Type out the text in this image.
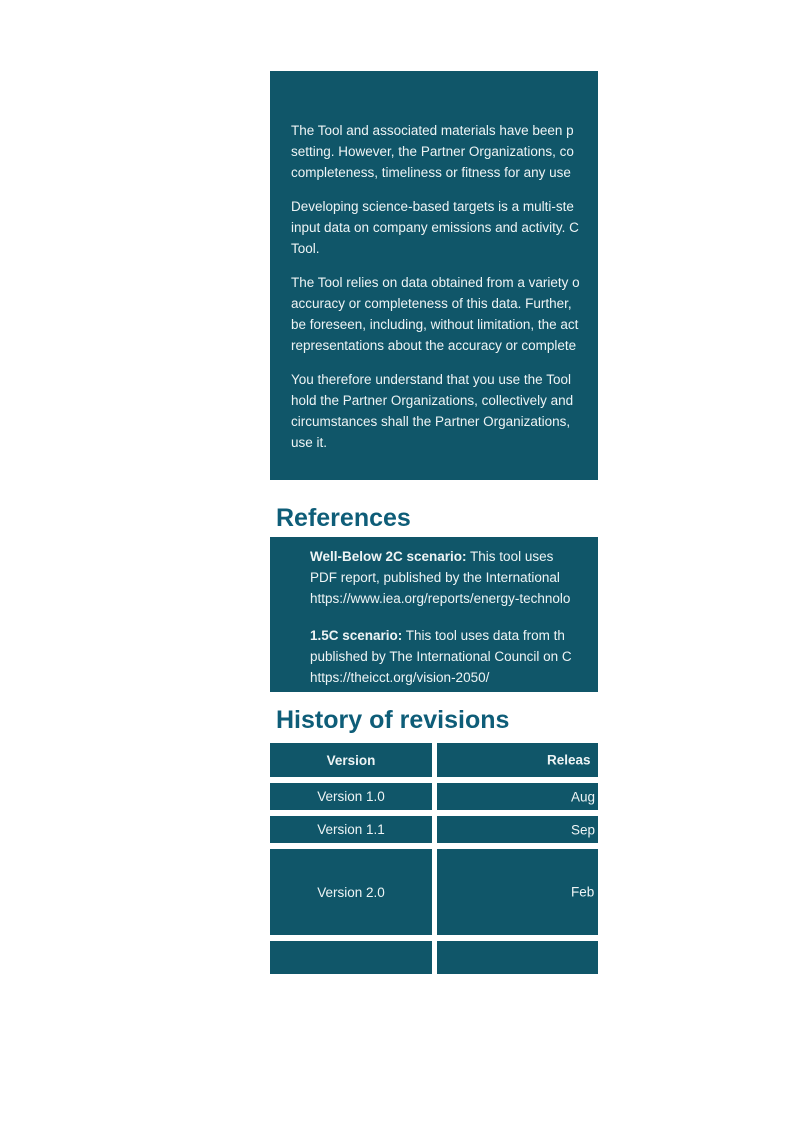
The Tool and associated materials have been p
setting. However, the Partner Organizations, co
completeness, timeliness or fitness for any use
Developing science-based targets is a multi-ste
input data on company emissions and activity. C
Tool.
The Tool relies on data obtained from a variety o
accuracy or completeness of this data. Further,
be foreseen, including, without limitation, the act
representations about the accuracy or complete
You therefore understand that you use the Tool
hold the Partner Organizations, collectively and
circumstances shall the Partner Organizations,
use it.
References
Well-Below 2C scenario: This tool uses
PDF report, published by the International
https://www.iea.org/reports/energy-technolo
1.5C scenario: This tool uses data from th
published by The International Council on C
https://theicct.org/vision-2050/
History of revisions
Version	Releas
Version 1.0	Aug
Version 1.1	Sep
Version 2.0	Feb
